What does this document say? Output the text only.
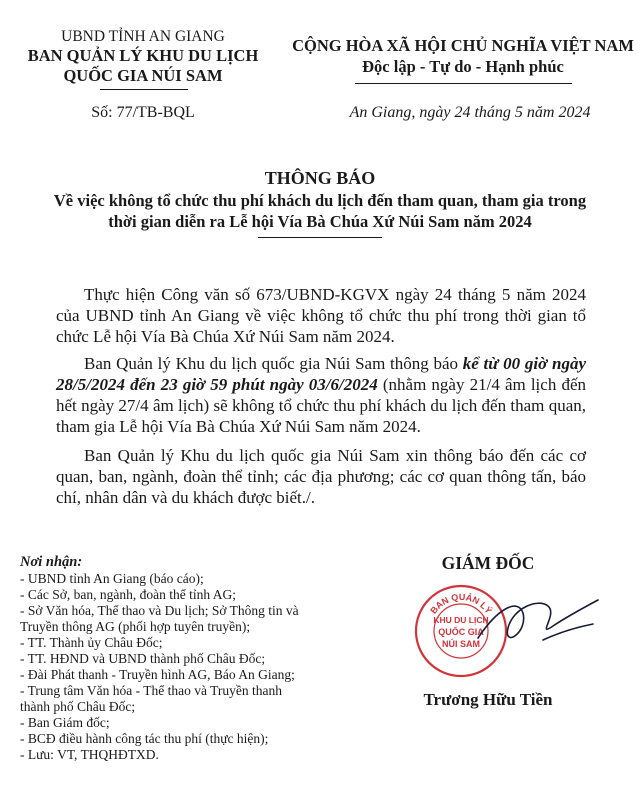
UBND TỈNH AN GIANG
BAN QUẢN LÝ KHU DU LỊCH
QUỐC GIA NÚI SAM
Số: 77/TB-BQL
CỘNG HÒA XÃ HỘI CHỦ NGHĨA VIỆT NAM
Độc lập - Tự do - Hạnh phúc
An Giang, ngày 24 tháng 5 năm 2024
THÔNG BÁO
Về việc không tổ chức thu phí khách du lịch đến tham quan, tham gia trong
thời gian diễn ra Lễ hội Vía Bà Chúa Xứ Núi Sam năm 2024

Thực hiện Công văn số 673/UBND-KGVX ngày 24 tháng 5 năm 2024 của UBND tỉnh An Giang về việc không tổ chức thu phí trong thời gian tổ chức Lễ hội Vía Bà Chúa Xứ Núi Sam năm 2024.

Ban Quản lý Khu du lịch quốc gia Núi Sam thông báo kể từ 00 giờ ngày 28/5/2024 đến 23 giờ 59 phút ngày 03/6/2024 (nhằm ngày 21/4 âm lịch đến hết ngày 27/4 âm lịch) sẽ không tổ chức thu phí khách du lịch đến tham quan, tham gia Lễ hội Vía Bà Chúa Xứ Núi Sam năm 2024.

Ban Quản lý Khu du lịch quốc gia Núi Sam xin thông báo đến các cơ quan, ban, ngành, đoàn thể tỉnh; các địa phương; các cơ quan thông tấn, báo chí, nhân dân và du khách được biết./.

Nơi nhận:
- UBND tỉnh An Giang (báo cáo);
- Các Sở, ban, ngành, đoàn thể tỉnh AG;
- Sở Văn hóa, Thể thao và Du lịch; Sở Thông tin và
Truyền thông AG (phối hợp tuyên truyền);
- TT. Thành ủy Châu Đốc;
- TT. HĐND và UBND thành phố Châu Đốc;
- Đài Phát thanh - Truyền hình AG, Báo An Giang;
- Trung tâm Văn hóa - Thể thao và Truyền thanh
thành phố Châu Đốc;
- Ban Giám đốc;
- BCĐ điều hành công tác thu phí (thực hiện);
- Lưu: VT, THQHĐTXD.
GIÁM ĐỐC
BAN QUẢN LÝ
KHU DU LỊCH
QUỐC GIA
NÚI SAM
Trương Hữu Tiền
